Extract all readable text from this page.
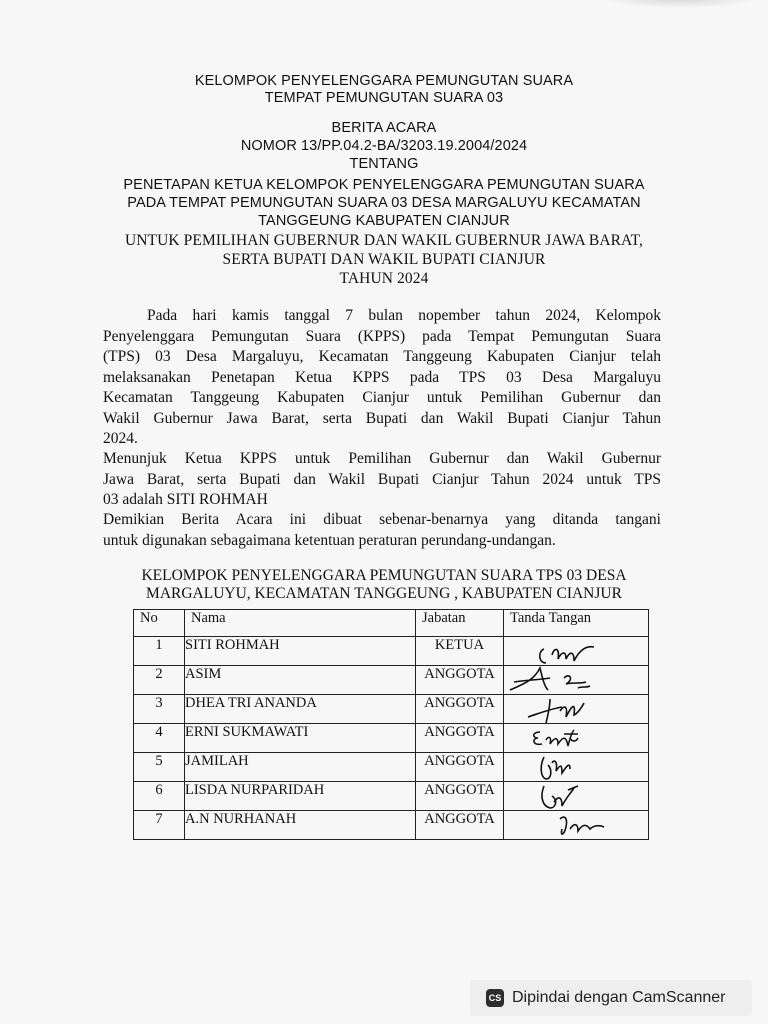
KELOMPOK PENYELENGGARA PEMUNGUTAN SUARA
TEMPAT PEMUNGUTAN SUARA 03
BERITA ACARA
NOMOR 13/PP.04.2-BA/3203.19.2004/2024
TENTANG
PENETAPAN KETUA KELOMPOK PENYELENGGARA PEMUNGUTAN SUARA
PADA TEMPAT PEMUNGUTAN SUARA 03 DESA MARGALUYU KECAMATAN
TANGGEUNG KABUPATEN CIANJUR
UNTUK PEMILIHAN GUBERNUR DAN WAKIL GUBERNUR JAWA BARAT,
SERTA BUPATI DAN WAKIL BUPATI CIANJUR
TAHUN 2024
Pada hari kamis tanggal 7 bulan nopember tahun 2024, Kelompok
Penyelenggara Pemungutan Suara (KPPS) pada Tempat Pemungutan Suara
(TPS) 03 Desa Margaluyu, Kecamatan Tanggeung Kabupaten Cianjur telah
melaksanakan Penetapan Ketua KPPS pada TPS 03 Desa Margaluyu
Kecamatan Tanggeung Kabupaten Cianjur untuk Pemilihan Gubernur dan
Wakil Gubernur Jawa Barat, serta Bupati dan Wakil Bupati Cianjur Tahun
2024.
Menunjuk Ketua KPPS untuk Pemilihan Gubernur dan Wakil Gubernur
Jawa Barat, serta Bupati dan Wakil Bupati Cianjur Tahun 2024 untuk TPS
03 adalah SITI ROHMAH
Demikian Berita Acara ini dibuat sebenar-benarnya yang ditanda tangani
untuk digunakan sebagaimana ketentuan peraturan perundang-undangan.
KELOMPOK PENYELENGGARA PEMUNGUTAN SUARA TPS 03 DESA
MARGALUYU, KECAMATAN TANGGEUNG , KABUPATEN CIANJUR
No	Nama	Jabatan	Tanda Tangan
1	SITI ROHMAH	KETUA	

2	ASIM	ANGGOTA	

3	DHEA TRI ANANDA	ANGGOTA	

4	ERNI SUKMAWATI	ANGGOTA	

5	JAMILAH	ANGGOTA	

6	LISDA NURPARIDAH	ANGGOTA	

7	A.N NURHANAH	ANGGOTA	
CS Dipindai dengan CamScanner
